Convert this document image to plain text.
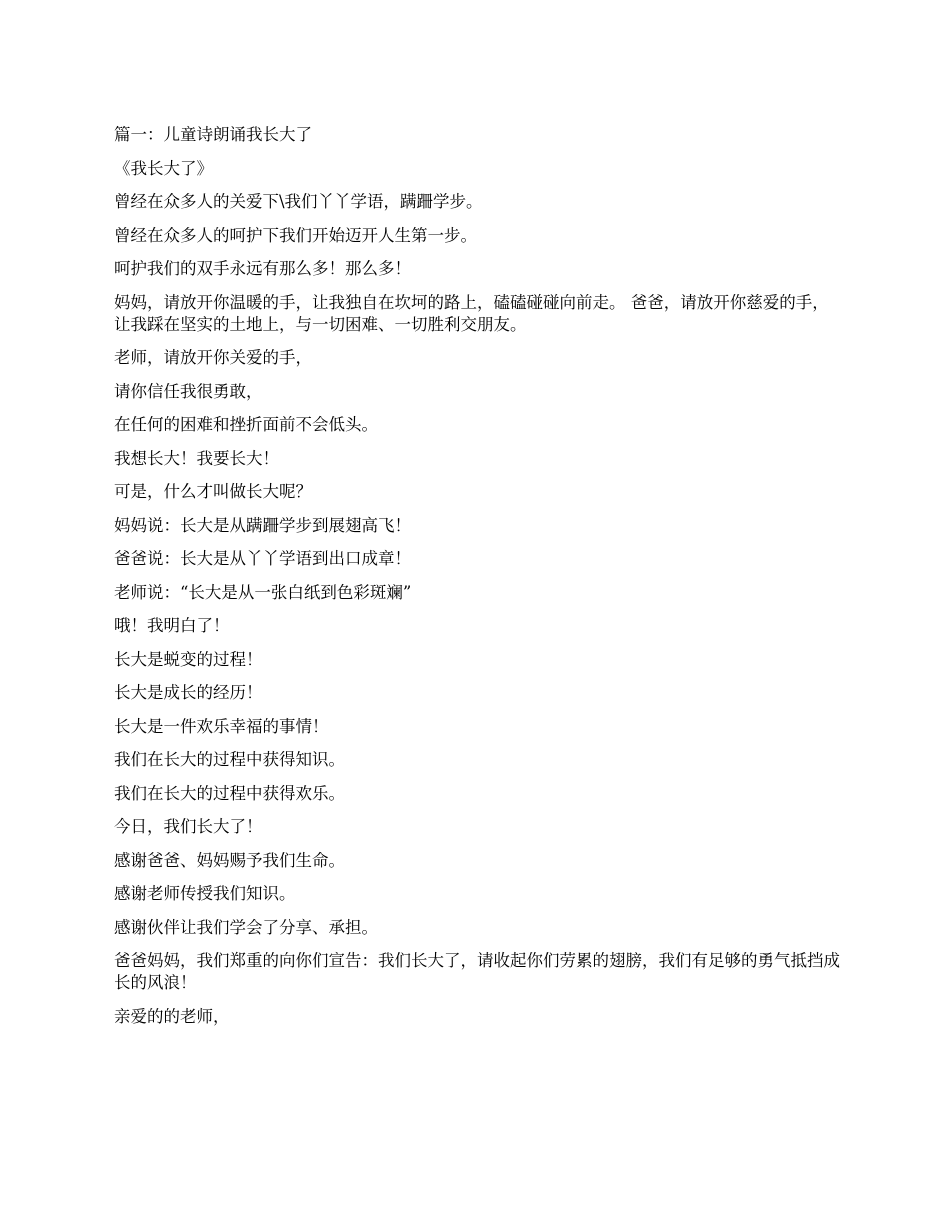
篇一：儿童诗朗诵我长大了

《我长大了》

曾经在众多人的关爱下\我们丫丫学语，蹒跚学步。

曾经在众多人的呵护下我们开始迈开人生第一步。

呵护我们的双手永远有那么多！那么多！

妈妈，请放开你温暖的手，让我独自在坎坷的路上，磕磕碰碰向前走。 爸爸，请放开你慈爱的手，让我踩在坚实的土地上，与一切困难、一切胜利交朋友。

老师，请放开你关爱的手，

请你信任我很勇敢，

在任何的困难和挫折面前不会低头。

我想长大！我要长大！

可是，什么才叫做长大呢？

妈妈说：长大是从蹒跚学步到展翅高飞！

爸爸说：长大是从丫丫学语到出口成章！

老师说：“长大是从一张白纸到色彩斑斓”

哦！我明白了！

长大是蜕变的过程！

长大是成长的经历！

长大是一件欢乐幸福的事情！

我们在长大的过程中获得知识。

我们在长大的过程中获得欢乐。

今日，我们长大了！

感谢爸爸、妈妈赐予我们生命。

感谢老师传授我们知识。

感谢伙伴让我们学会了分享、承担。

爸爸妈妈，我们郑重的向你们宣告：我们长大了，请收起你们劳累的翅膀，我们有足够的勇气抵挡成长的风浪！

亲爱的的老师，
